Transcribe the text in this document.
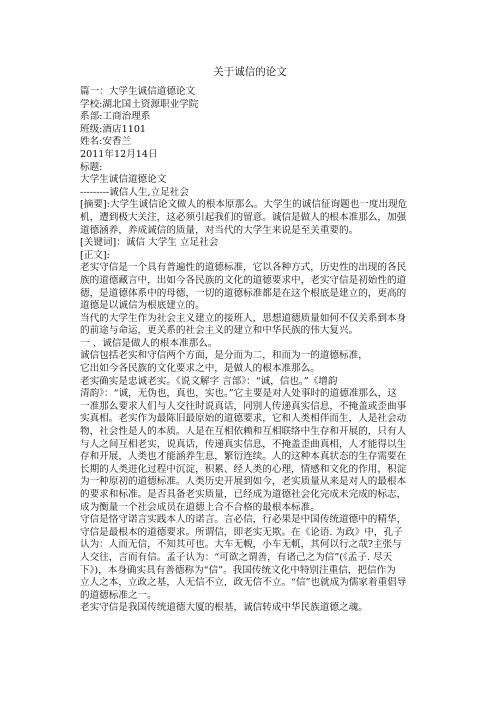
关于诚信的论文

篇一：大学生诚信道德论文

学校:湖北国土资源职业学院

系部:工商治理系

班级:酒店1101

姓名:安香兰

2011年12月14日

标题:

大学生诚信道德论文

---------诚信人生,立足社会

[摘要]:大学生诚信论文做人的根本原那么。大学生的诚信征询题也一度出现危

机，遭到极大关注，这必须引起我们的留意。诚信是做人的根本准那么，加强

道德涵养，养成诚信的质量，对当代的大学生来说是至关重要的。

[关键词]：诚信 大学生 立足社会

[正文]:

老实守信是一个具有普遍性的道德标准，它以各种方式，历史性的出现的各民

族的道德藏言中，出如今各民族的文化的道德要求中，老实守信是初始性的道

德，是道德体系中的母德，一切的道德标准都是在这个根底是建立的，更高的

道德是以诚信为根底建立的。

当代的大学生作为社会主义建立的接班人，思想道德质量如何不仅关系到本身

的前途与命运，更关系的社会主义的建立和中华民族的伟大复兴。

一 、诚信是做人的根本准那么。

诚信包括老实和守信两个方面，是分而为二，和而为一的道德标准，

它出如今各民族的文化要求之中，是做人的根本准那么。

老实确实是忠诚老实。《说文解字 言部》：“诚，信也。”《增韵

清韵》：“诚，无伪也，真也，实也。”它主要是对人处事时的道德准那么，这

一准那么要求人们与人交往时说真话，同别人传递真实信息，不掩盖或歪曲事

实真相。老实作为最陈旧最原始的道德要求，它和人类相伴而生，人是社会动

物，社会性是人的本质。人是在互相依赖和互相联络中生存和开展的，只有人

与人之间互相老实，说真话，传递真实信息，不掩盖歪曲真相，人才能得以生

存和开展，人类也才能涵养生息，繁衍连续。人的这种本真状态的生存需要在

长期的人类进化过程中沉淀，积累、经人类的心理，情感和文化的作用，积淀

为一种原初的道德标准。人类历史开展到如今，老实质量从来是对人的最根本

的要求和标准。是否具备老实质量，已经成为道德社会化完成未完成的标志，

成为衡量一个社会成员在道德上合不合格的最根本标准。

守信是恪守诺言实践本人的诺言。言必信，行必果是中国传统道德中的精华，

守信是最根本的道德要求。所谓信，即老实无欺。在《论语. 为政》中，孔子

认为：人而无信，不知其可也。大车无輗，小车无軏，其何以行之哉?主张与

人交往，言而有信。孟子认为：“可欲之谓善，有诸己之为信”(《孟子. 尽天

下》)，本身确实具有善德称为“信”。我国传统文化中特别注重信，把信作为

立人之本，立政之基，人无信不立，政无信不立。“信”也就成为儒家着重倡导

的道德标准之一。

老实守信是我国传统道德大厦的根基，诚信转成中华民族道德之魂。
